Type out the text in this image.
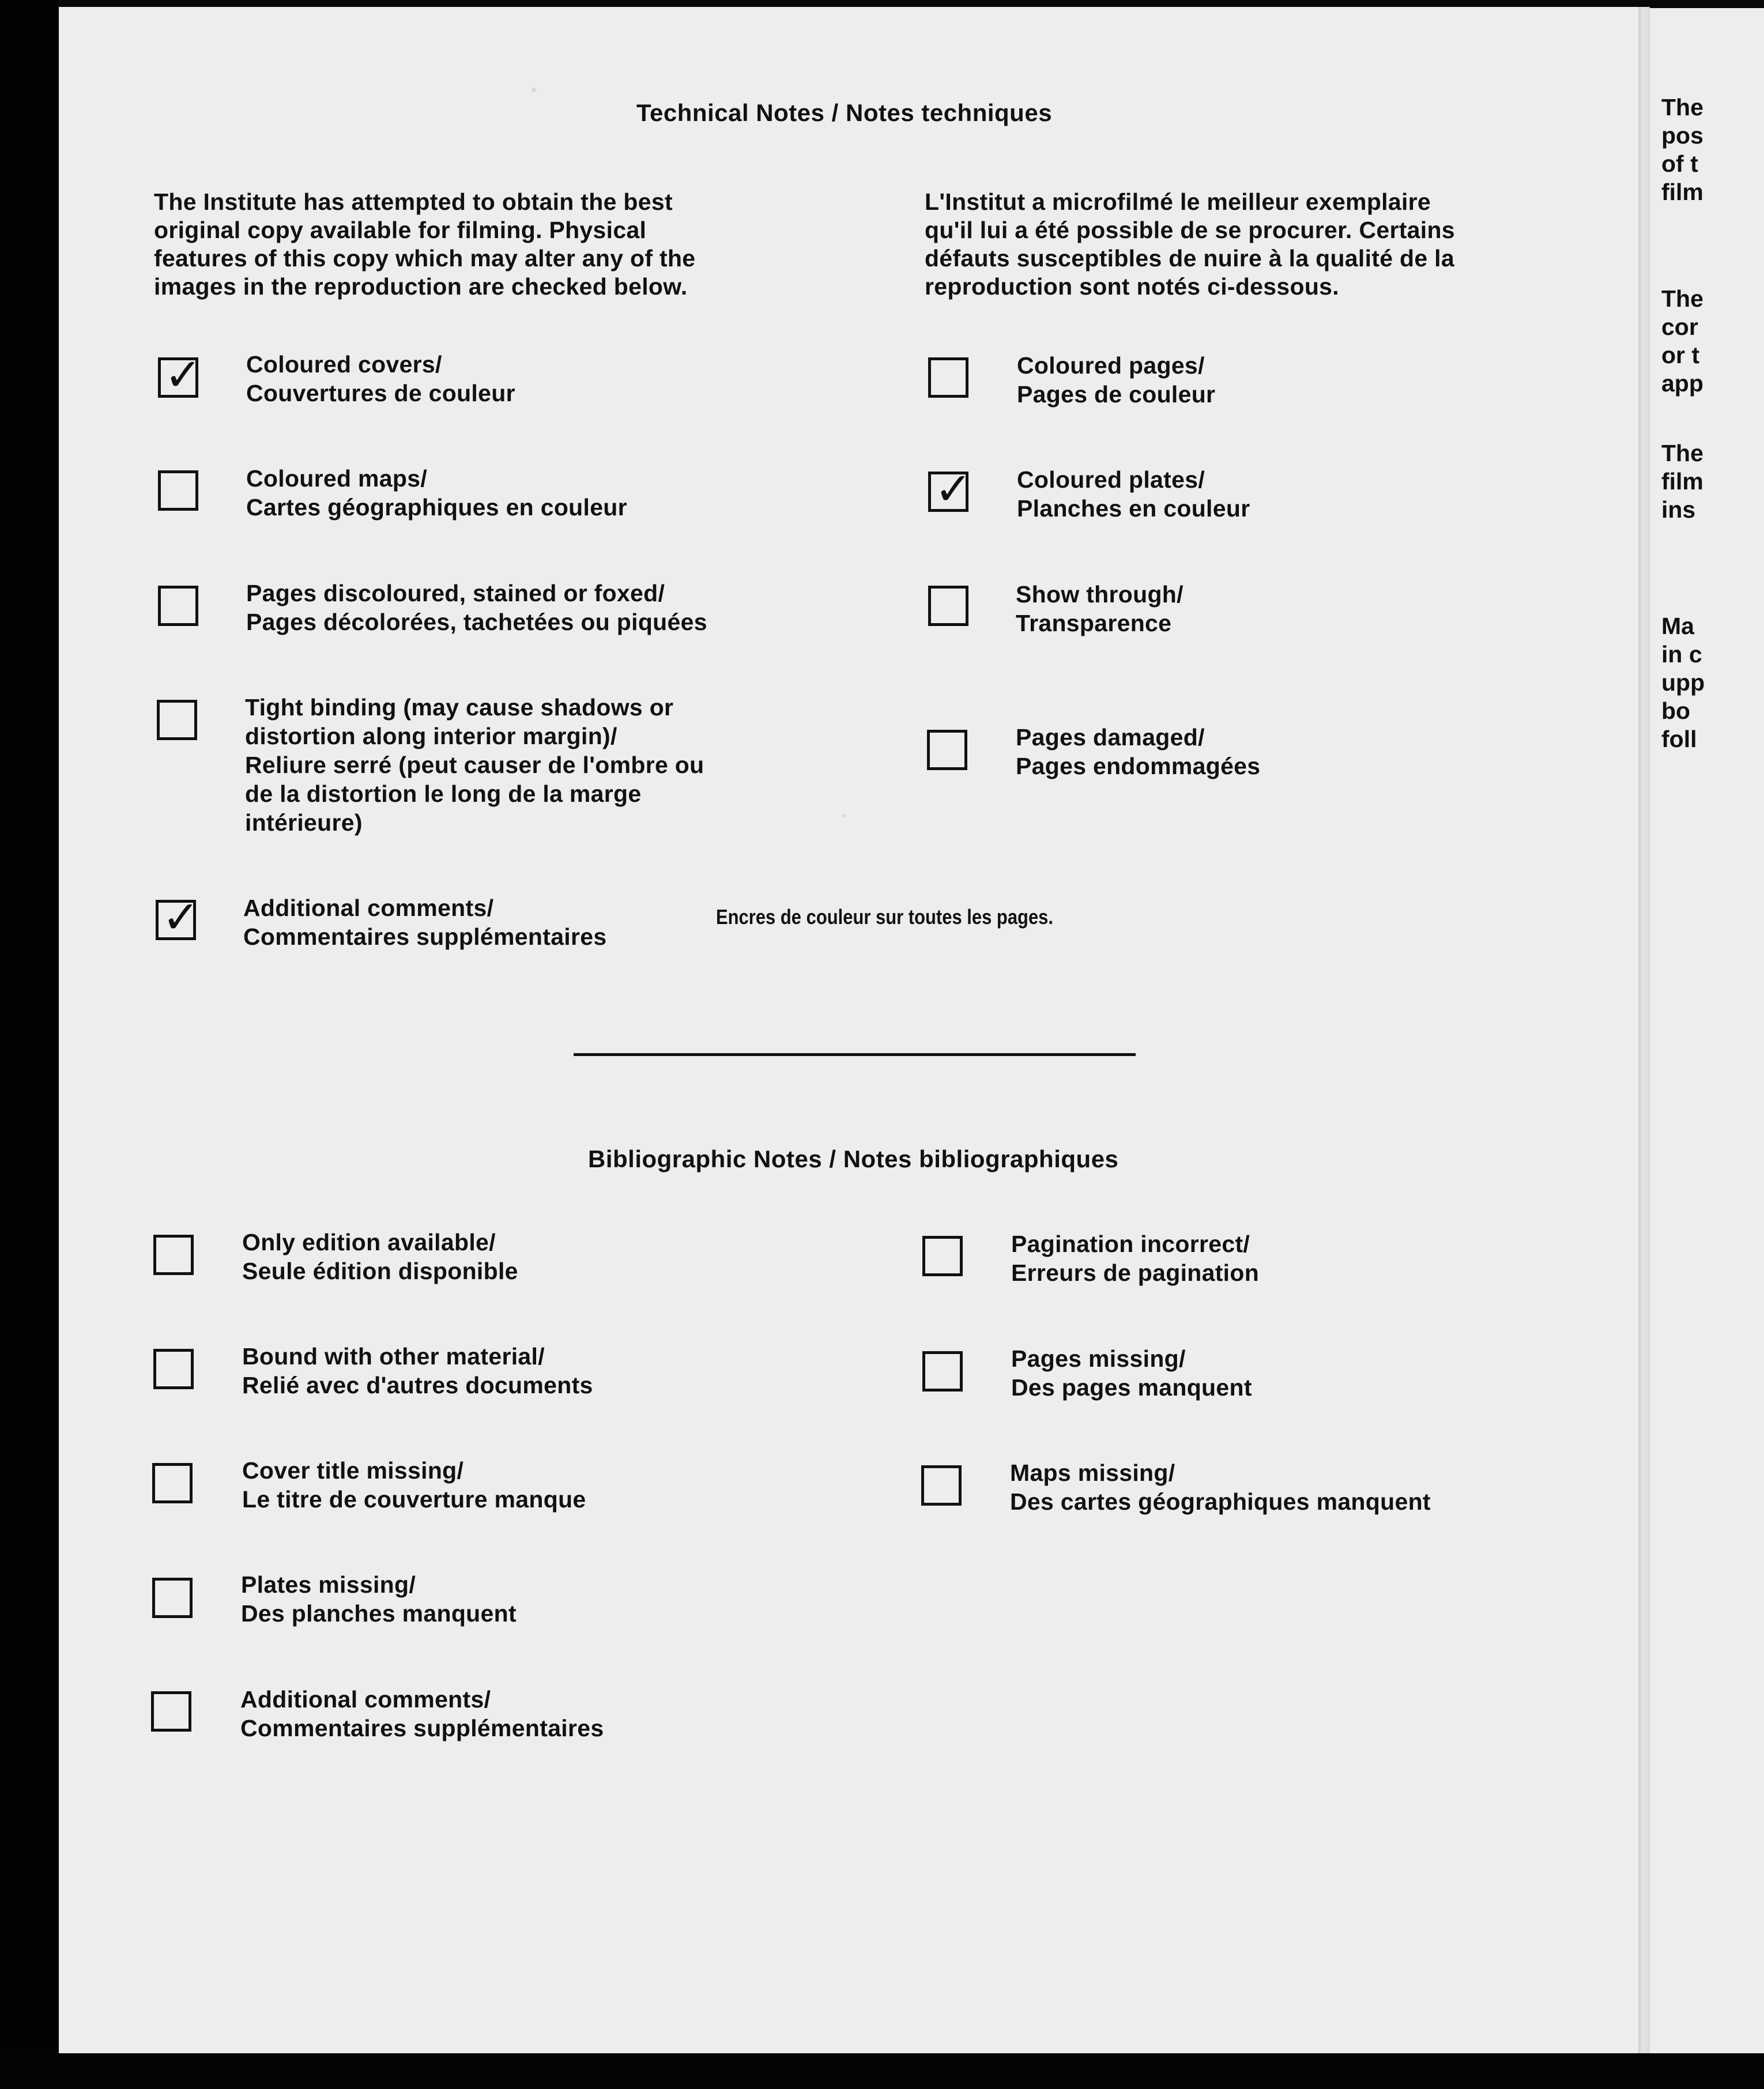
Technical Notes / Notes techniques
The Institute has attempted to obtain the best
original copy available for filming. Physical
features of this copy which may alter any of the
images in the reproduction are checked below.
L'Institut a microfilmé le meilleur exemplaire
qu'il lui a été possible de se procurer. Certains
défauts susceptibles de nuire à la qualité de la
reproduction sont notés ci-dessous.
✓ Coloured covers/
Couvertures de couleur
Coloured maps/
Cartes géographiques en couleur
Pages discoloured, stained or foxed/
Pages décolorées, tachetées ou piquées
Tight binding (may cause shadows or
distortion along interior margin)/
Reliure serré (peut causer de l'ombre ou
de la distortion le long de la marge
intérieure)
✓ Additional comments/
Commentaires supplémentaires
Encres de couleur sur toutes les pages.
Coloured pages/
Pages de couleur
✓ Coloured plates/
Planches en couleur
Show through/
Transparence
Pages damaged/
Pages endommagées
Bibliographic Notes / Notes bibliographiques
Only edition available/
Seule édition disponible
Bound with other material/
Relié avec d'autres documents
Cover title missing/
Le titre de couverture manque
Plates missing/
Des planches manquent
Additional comments/
Commentaires supplémentaires
Pagination incorrect/
Erreurs de pagination
Pages missing/
Des pages manquent
Maps missing/
Des cartes géographiques manquent
The
pos
of t
film
The
cor
or t
app
The
film
ins
Ma
in c
upp
bo
foll
